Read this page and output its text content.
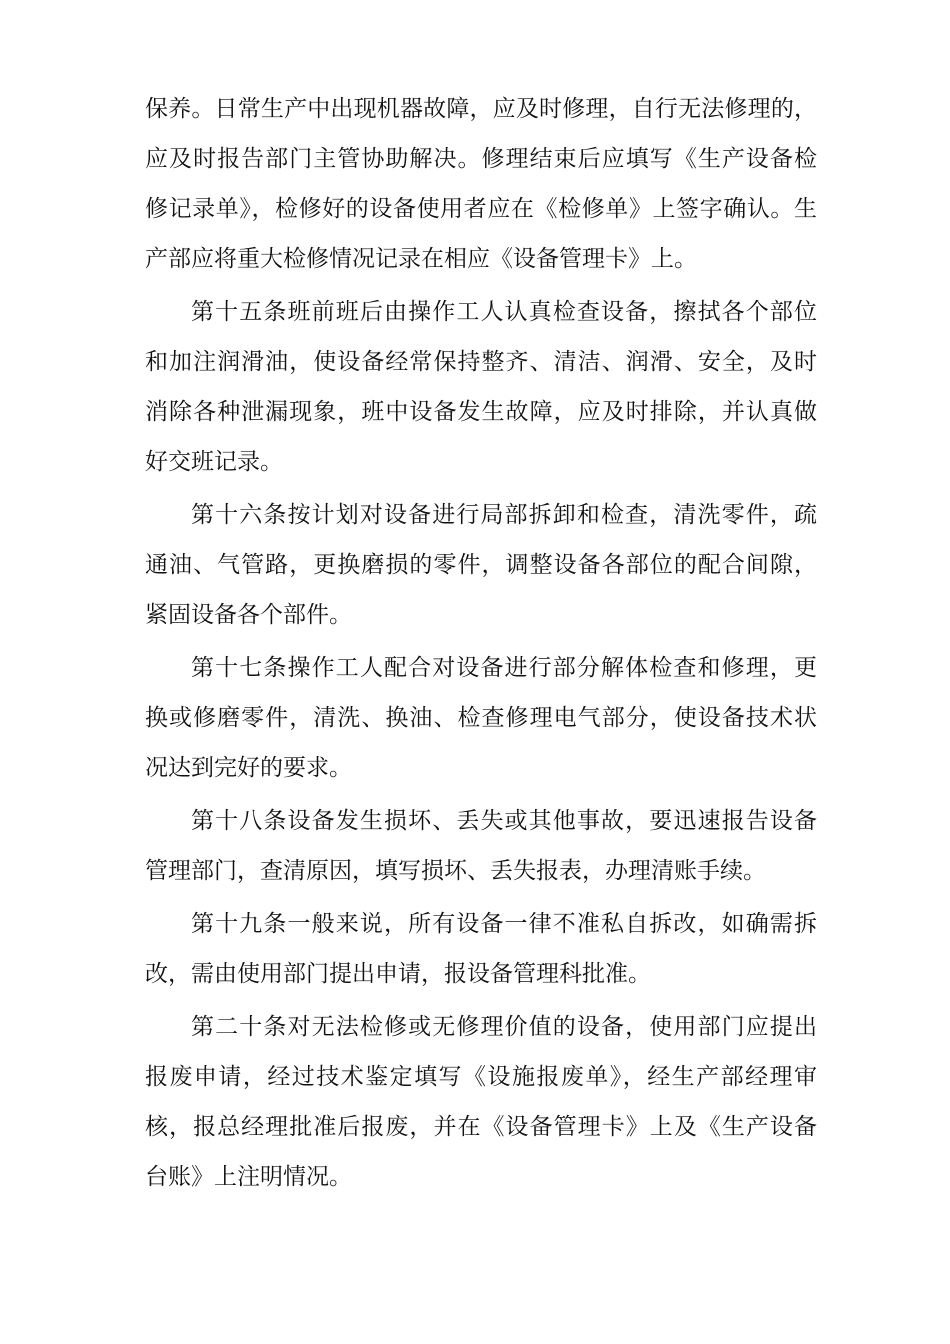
保养。日常生产中出现机器故障，应及时修理，自行无法修理的，
应及时报告部门主管协助解决。修理结束后应填写《生产设备检
修记录单》，检修好的设备使用者应在《检修单》上签字确认。生
产部应将重大检修情况记录在相应《设备管理卡》上。
第十五条班前班后由操作工人认真检查设备，擦拭各个部位
和加注润滑油，使设备经常保持整齐、清洁、润滑、安全，及时
消除各种泄漏现象，班中设备发生故障，应及时排除，并认真做
好交班记录。
第十六条按计划对设备进行局部拆卸和检查，清洗零件，疏
通油、气管路，更换磨损的零件，调整设备各部位的配合间隙，
紧固设备各个部件。
第十七条操作工人配合对设备进行部分解体检查和修理，更
换或修磨零件，清洗、换油、检查修理电气部分，使设备技术状
况达到完好的要求。
第十八条设备发生损坏、丢失或其他事故，要迅速报告设备
管理部门，查清原因，填写损坏、丢失报表，办理清账手续。
第十九条一般来说，所有设备一律不准私自拆改，如确需拆
改，需由使用部门提出申请，报设备管理科批准。
第二十条对无法检修或无修理价值的设备，使用部门应提出
报废申请，经过技术鉴定填写《设施报废单》，经生产部经理审
核，报总经理批准后报废，并在《设备管理卡》上及《生产设备
台账》上注明情况。
